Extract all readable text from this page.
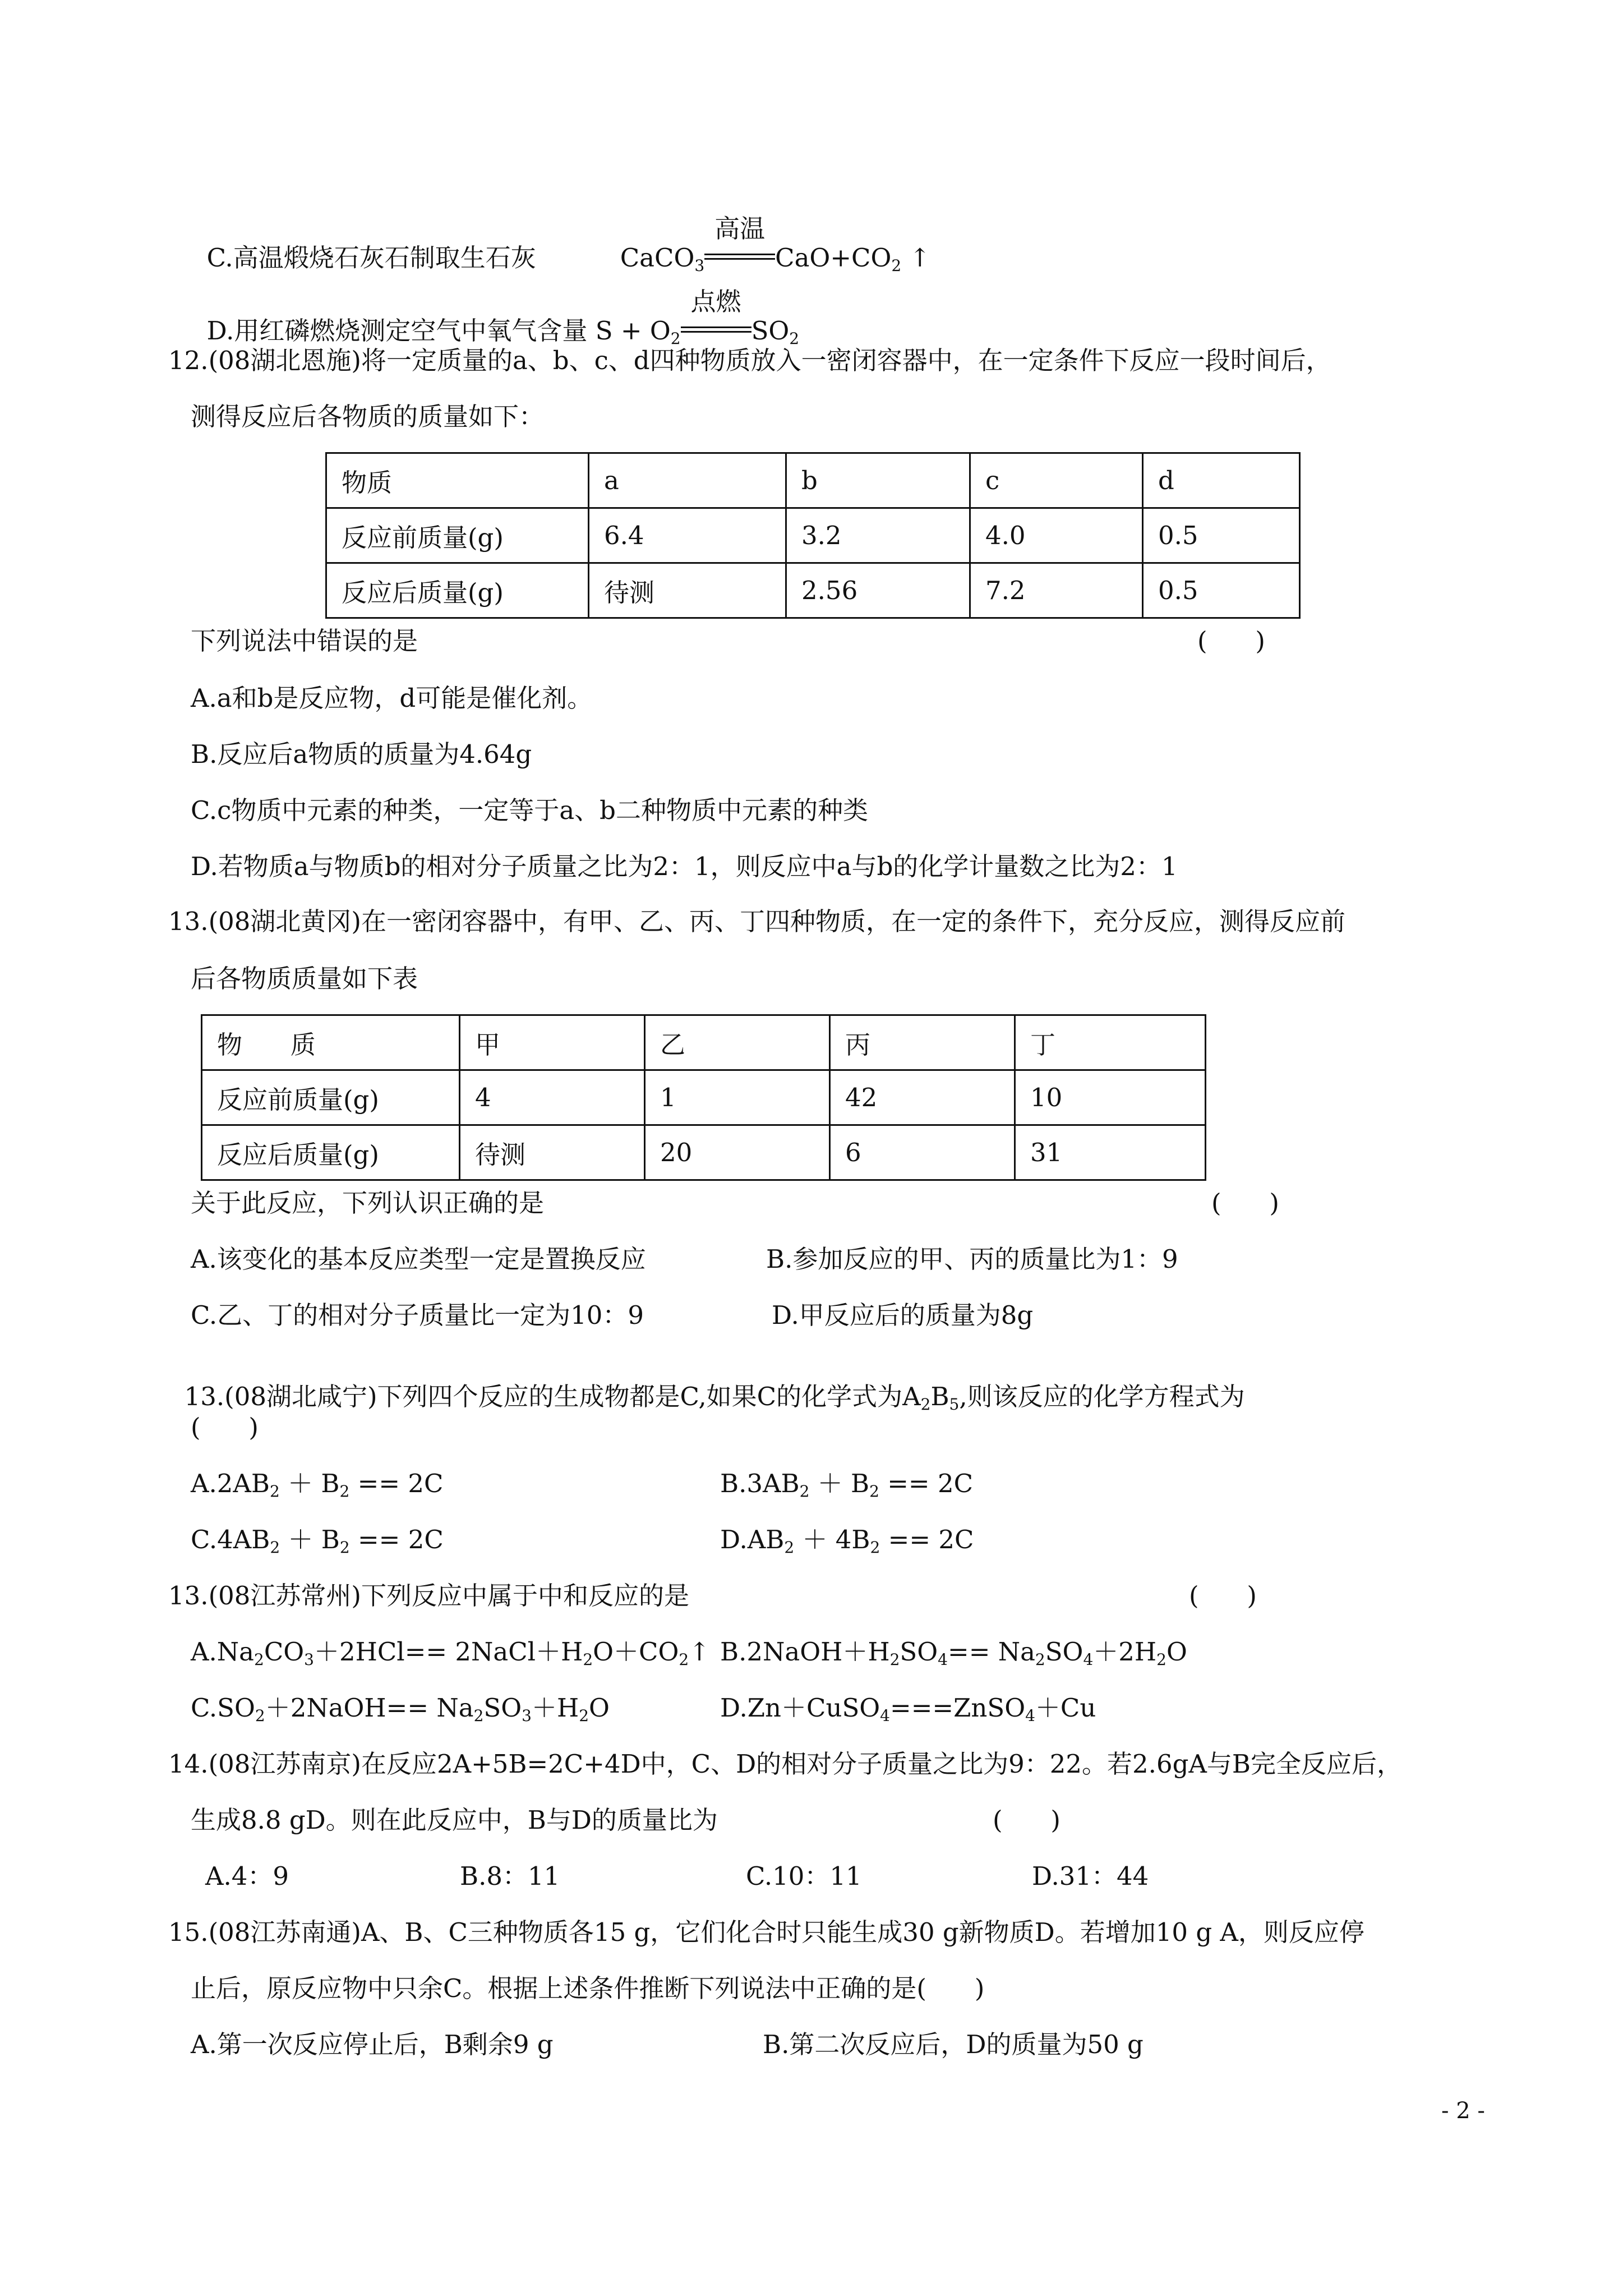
C.高温煅烧石灰石制取生石灰	CaCO$_3$
高温
$CaO+CO_2$ ↑

D.用红磷燃烧测定空气中氧气含量 $S + O_2$
点燃
$SO_2$

12.(08湖北恩施)将一定质量的a、b、c、d四种物质放入一密闭容器中，在一定条件下反应一段时间后，
测得反应后各物质的质量如下：
物质	a	b	c	d
反应前质量(g)	6.4	3.2	4.0	0.5
反应后质量(g)	待测	2.56	7.2	0.5
下列说法中错误的是	(      )
A.a和b是反应物，d可能是催化剂。
B.反应后a物质的质量为4.64g
C.c物质中元素的种类，一定等于a、b二种物质中元素的种类
D.若物质a与物质b的相对分子质量之比为2：1，则反应中a与b的化学计量数之比为2：1
13.(08湖北黄冈)在一密闭容器中，有甲、乙、丙、丁四种物质，在一定的条件下，充分反应，测得反应前
后各物质质量如下表
物      质	甲	乙	丙	丁
反应前质量(g)	4	1	42	10
反应后质量(g)	待测	20	6	31
关于此反应，下列认识正确的是	(      )
A.该变化的基本反应类型一定是置换反应	B.参加反应的甲、丙的质量比为1：9
C.乙、丁的相对分子质量比一定为10：9	D.甲反应后的质量为8g

13.(08湖北咸宁)下列四个反应的生成物都是C,如果C的化学式为$A_2B_5$,则该反应的化学方程式为

(      )
$A.2AB_2 + B_2 == 2C$	$B.3AB_2 + B_2 == 2C$
$C.4AB_2 + B_2 == 2C$	$D.AB_2 + 4B_2 == 2C$
13.(08江苏常州)下列反应中属于中和反应的是	(      )
$A.Na_2CO_3+2HCl==$ $2NaCl+H_2O+CO_2↑$ $B.2NaOH+H_2SO_4== Na_2SO_4+2H_2O$
$C.SO_2+2NaOH== Na_2SO_3+H_2O$	D.Zn＋CuSO$_4$===ZnSO$_4$＋Cu
14.(08江苏南京)在反应2A+5B=2C+4D中，C、D的相对分子质量之比为9：22。若2.6gA与B完全反应后，
生成8.8 gD。则在此反应中，B与D的质量比为	(      )
A.4：9	B.8：11	C.10：11	D.31：44
15.(08江苏南通)A、B、C三种物质各15 g，它们化合时只能生成30 g新物质D。若增加10 g A，则反应停
止后，原反应物中只余C。根据上述条件推断下列说法中正确的是(      )
A.第一次反应停止后，B剩余9 g	B.第二次反应后，D的质量为50 g
- 2 -
